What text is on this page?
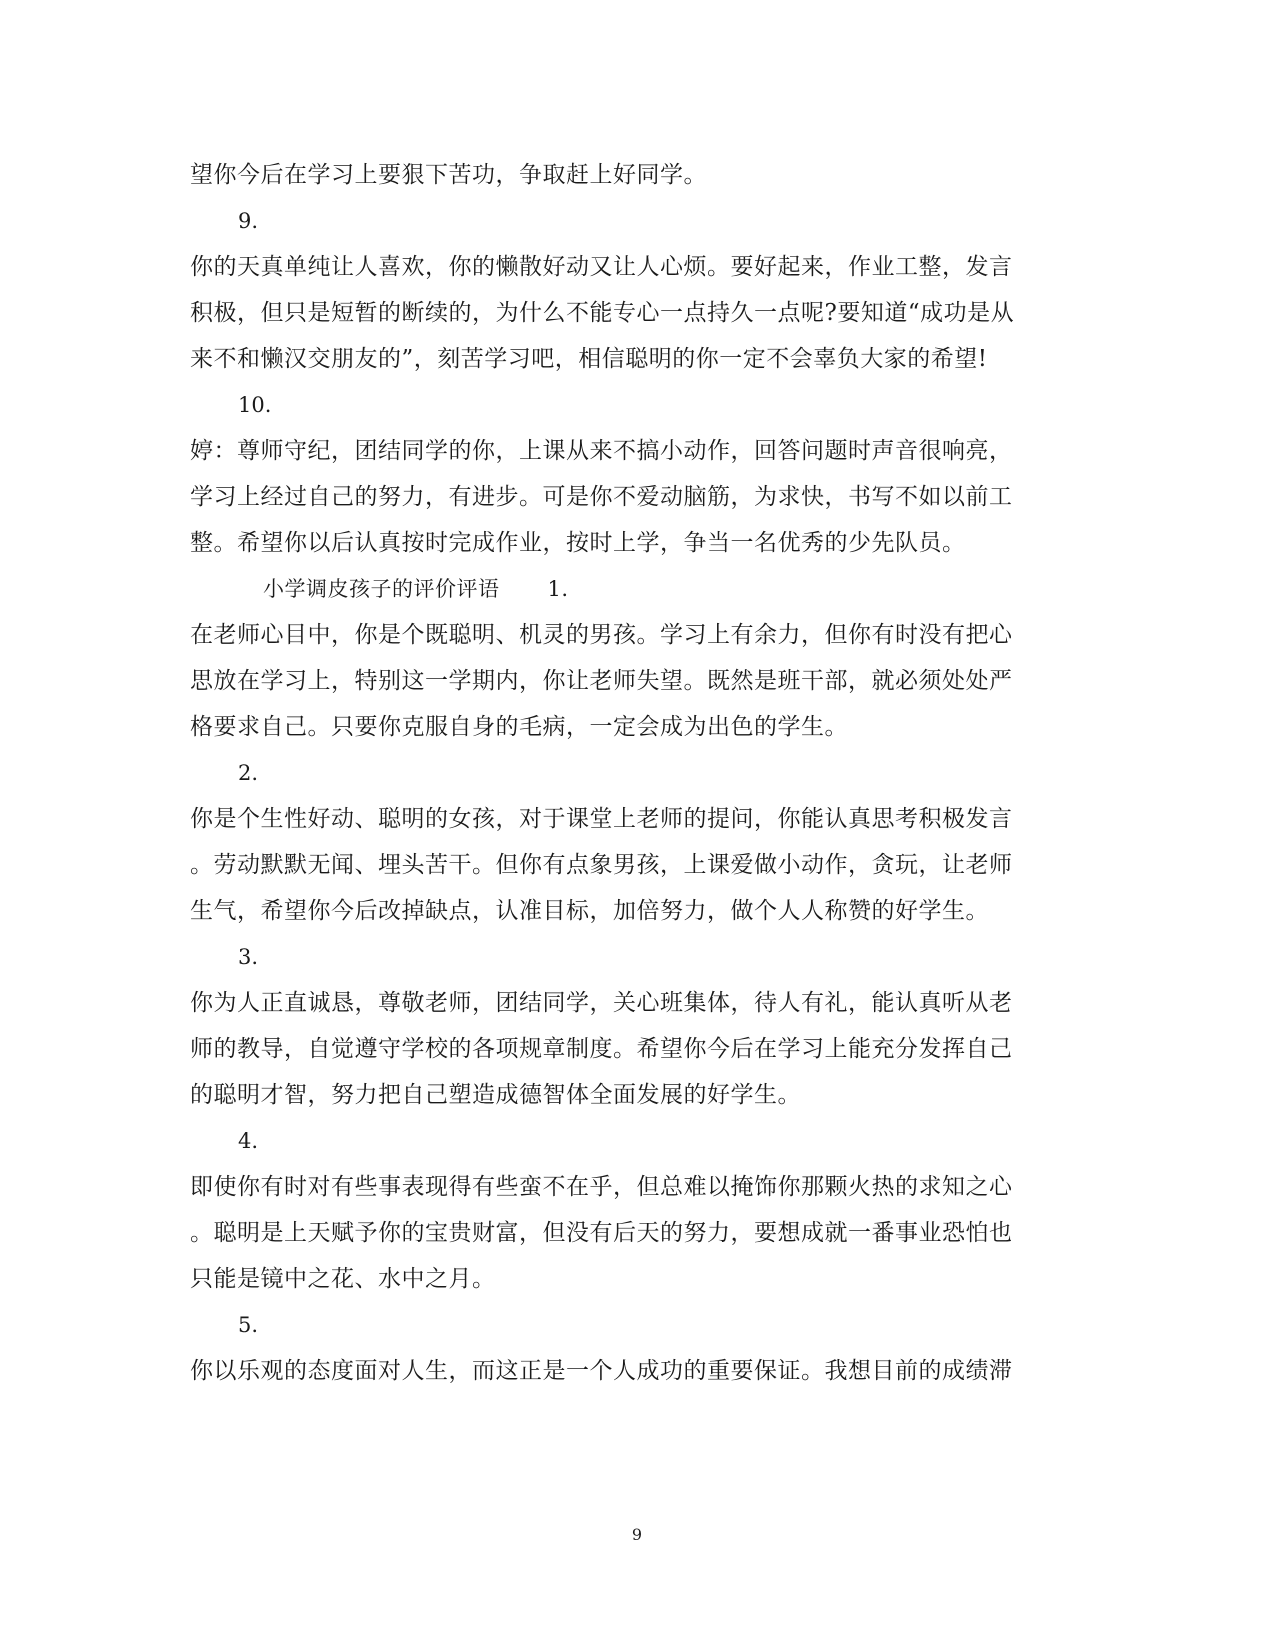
望你今后在学习上要狠下苦功，争取赶上好同学。
9.
你的天真单纯让人喜欢，你的懒散好动又让人心烦。要好起来，作业工整，发言
积极，但只是短暂的断续的，为什么不能专心一点持久一点呢?要知道“成功是从
来不和懒汉交朋友的”，刻苦学习吧，相信聪明的你一定不会辜负大家的希望!
10.
婷：尊师守纪，团结同学的你，上课从来不搞小动作，回答问题时声音很响亮，
学习上经过自己的努力，有进步。可是你不爱动脑筋，为求快，书写不如以前工
整。希望你以后认真按时完成作业，按时上学，争当一名优秀的少先队员。
小学调皮孩子的评价评语 1.
在老师心目中，你是个既聪明、机灵的男孩。学习上有余力，但你有时没有把心
思放在学习上，特别这一学期内，你让老师失望。既然是班干部，就必须处处严
格要求自己。只要你克服自身的毛病，一定会成为出色的学生。
2.
你是个生性好动、聪明的女孩，对于课堂上老师的提问，你能认真思考积极发言
。劳动默默无闻、埋头苦干。但你有点象男孩，上课爱做小动作，贪玩，让老师
生气，希望你今后改掉缺点，认准目标，加倍努力，做个人人称赞的好学生。
3.
你为人正直诚恳，尊敬老师，团结同学，关心班集体，待人有礼，能认真听从老
师的教导，自觉遵守学校的各项规章制度。希望你今后在学习上能充分发挥自己
的聪明才智，努力把自己塑造成德智体全面发展的好学生。
4.
即使你有时对有些事表现得有些蛮不在乎，但总难以掩饰你那颗火热的求知之心
。聪明是上天赋予你的宝贵财富，但没有后天的努力，要想成就一番事业恐怕也
只能是镜中之花、水中之月。
5.
你以乐观的态度面对人生，而这正是一个人成功的重要保证。我想目前的成绩滞
9
